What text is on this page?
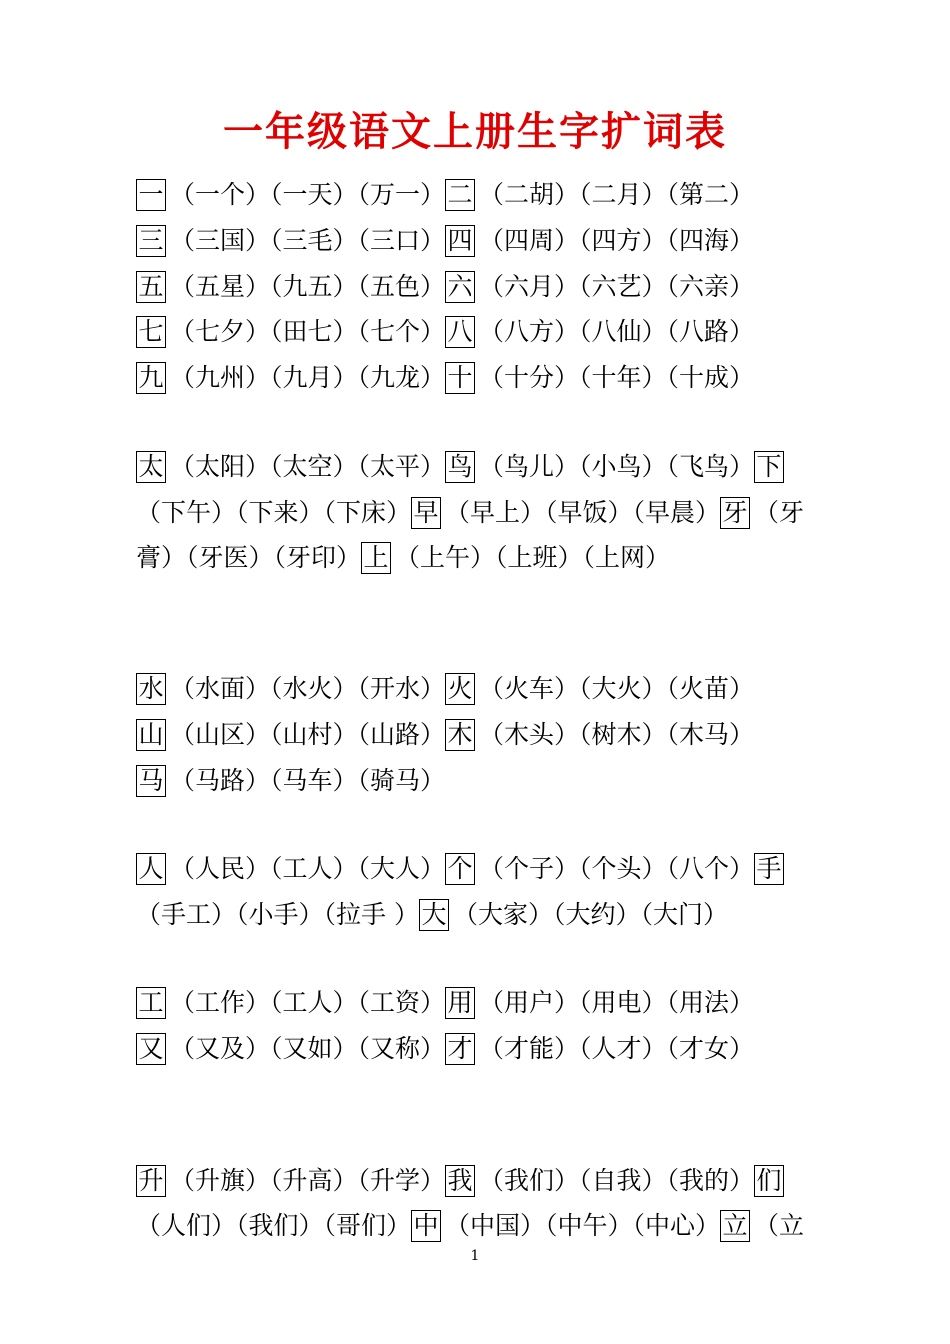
一年级语文上册生字扩词表
一 （一个）（一天）（万一）二 （二胡）（二月）（第二）
三 （三国）（三毛）（三口）四 （四周）（四方）（四海）
五 （五星）（九五）（五色）六 （六月）（六艺）（六亲）
七 （七夕）（田七）（七个）八 （八方）（八仙）（八路）
九 （九州）（九月）（九龙）十 （十分）（十年）（十成）
太 （太阳）（太空）（太平）鸟 （鸟儿）（小鸟）（飞鸟）下
（下午）（下来）（下床）早 （早上）（早饭）（早晨）牙 （牙
膏）（牙医）（牙印）上 （上午）（上班）（上网）
水 （水面）（水火）（开水）火 （火车）（大火）（火苗）
山 （山区）（山村）（山路）木 （木头）（树木）（木马）
马 （马路）（马车）（骑马）
人 （人民）（工人）（大人）个 （个子）（个头）（八个）手
（手工）（小手）（拉手 ）大 （大家）（大约）（大门）
工 （工作）（工人）（工资）用 （用户）（用电）（用法）
又 （又及）（又如）（又称）才 （才能）（人才）（才女）
升 （升旗）（升高）（升学）我 （我们）（自我）（我的）们
（人们）（我们）（哥们）中 （中国）（中午）（中心）立 （立
1
